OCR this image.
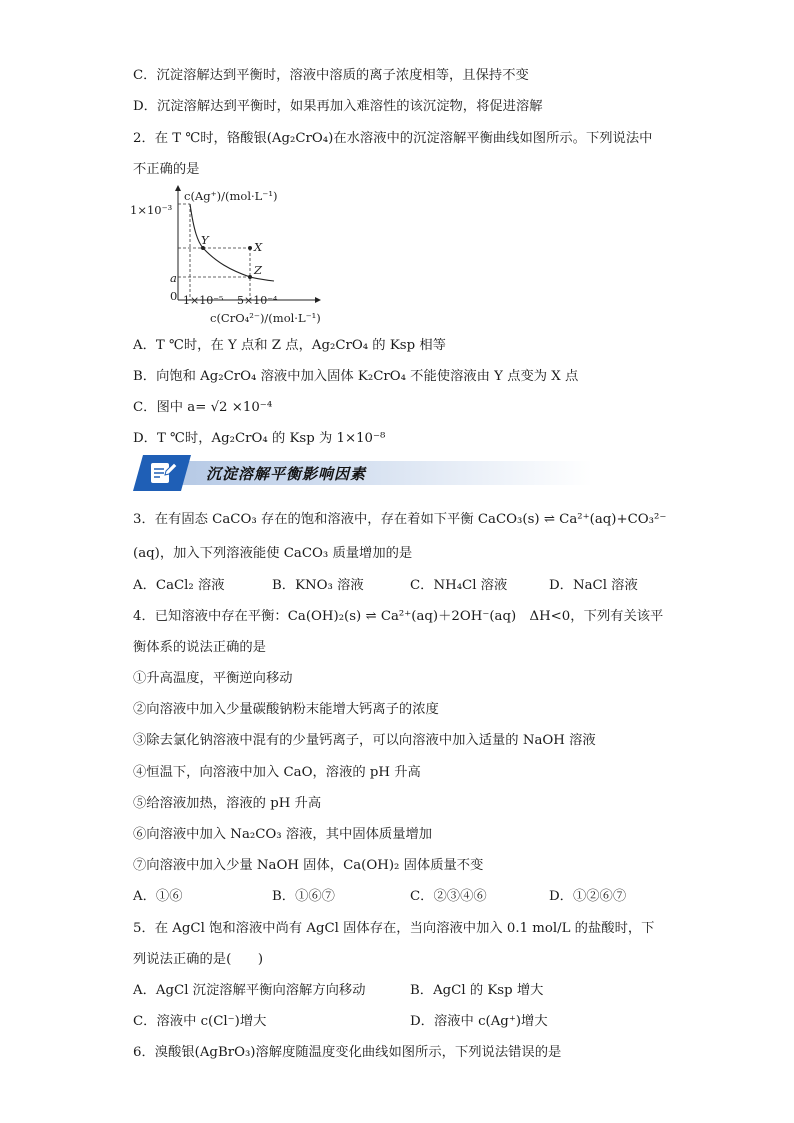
C．沉淀溶解达到平衡时，溶液中溶质的离子浓度相等，且保持不变
D．沉淀溶解达到平衡时，如果再加入难溶性的该沉淀物，将促进溶解
2．在 T ℃时，铬酸银(Ag₂CrO₄)在水溶液中的沉淀溶解平衡曲线如图所示。下列说法中
不正确的是
c(Ag⁺)/(mol·L⁻¹)
1×10⁻³
a
0 1×10⁻⁵ 5×10⁻⁴
c(CrO₄²⁻)/(mol·L⁻¹)
Y	X
Z
A．T ℃时，在 Y 点和 Z 点，Ag₂CrO₄ 的 Ksp 相等
B．向饱和 Ag₂CrO₄ 溶液中加入固体 K₂CrO₄ 不能使溶液由 Y 点变为 X 点
C．图中 a= √2 ×10⁻⁴
D．T ℃时，Ag₂CrO₄ 的 Ksp 为 1×10⁻⁸
沉淀溶解平衡影响因素
3．在有固态 CaCO₃ 存在的饱和溶液中，存在着如下平衡 CaCO₃(s) ⇌ Ca²⁺(aq)+CO₃²⁻
(aq)，加入下列溶液能使 CaCO₃ 质量增加的是
A．CaCl₂ 溶液	B．KNO₃ 溶液	C．NH₄Cl 溶液	D．NaCl 溶液
4．已知溶液中存在平衡：Ca(OH)₂(s) ⇌ Ca²⁺(aq)＋2OH⁻(aq)　ΔH<0，下列有关该平
衡体系的说法正确的是
①升高温度，平衡逆向移动
②向溶液中加入少量碳酸钠粉末能增大钙离子的浓度
③除去氯化钠溶液中混有的少量钙离子，可以向溶液中加入适量的 NaOH 溶液
④恒温下，向溶液中加入 CaO，溶液的 pH 升高
⑤给溶液加热，溶液的 pH 升高
⑥向溶液中加入 Na₂CO₃ 溶液，其中固体质量增加
⑦向溶液中加入少量 NaOH 固体，Ca(OH)₂ 固体质量不变
A．①⑥	B．①⑥⑦	C．②③④⑥	D．①②⑥⑦
5．在 AgCl 饱和溶液中尚有 AgCl 固体存在，当向溶液中加入 0.1 mol/L 的盐酸时，下
列说法正确的是(　　)
A．AgCl 沉淀溶解平衡向溶解方向移动	B．AgCl 的 Ksp 增大
C．溶液中 c(Cl⁻)增大	D．溶液中 c(Ag⁺)增大
6．溴酸银(AgBrO₃)溶解度随温度变化曲线如图所示，下列说法错误的是
